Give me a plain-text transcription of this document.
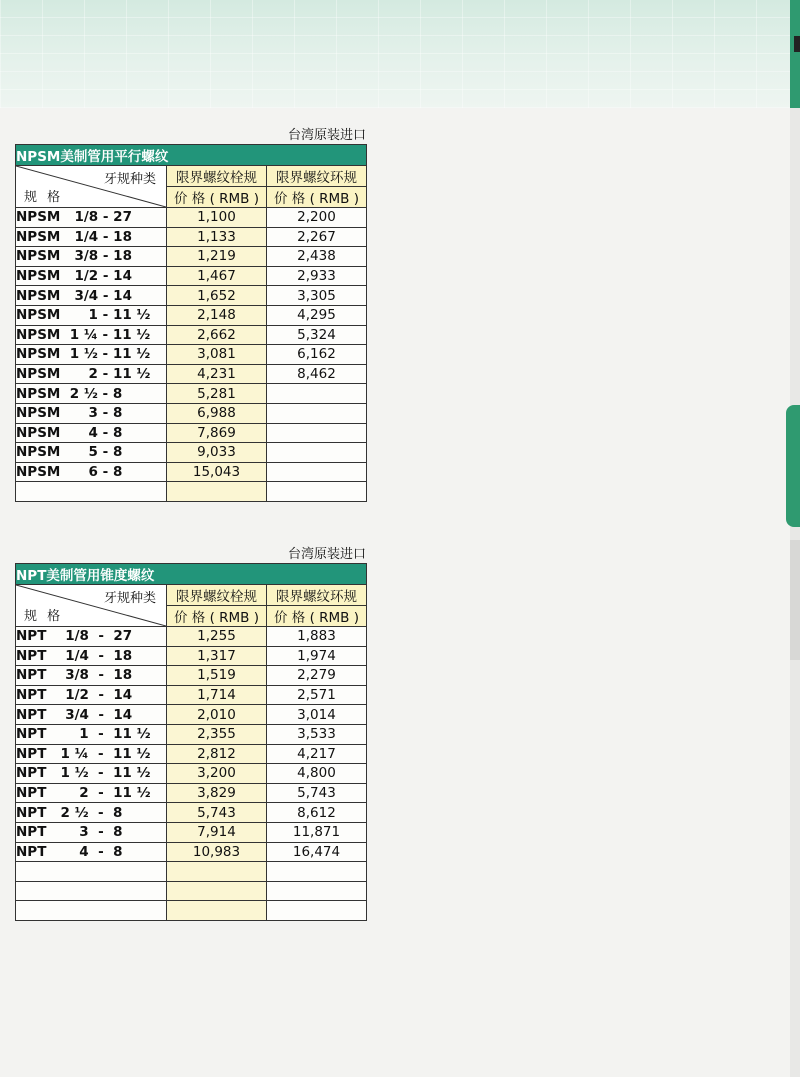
台湾原装进口
NPSM美制管用平行螺纹		

牙规种类
规 格	限界螺纹栓规	限界螺纹环规
	价 格 ( RMB )	价 格 ( RMB )
NPSM   1/8 - 27	1,100	2,200
NPSM   1/4 - 18	1,133	2,267
NPSM   3/8 - 18	1,219	2,438
NPSM   1/2 - 14	1,467	2,933
NPSM   3/4 - 14	1,652	3,305
NPSM      1 - 11 ½	2,148	4,295
NPSM  1 ¼ - 11 ½	2,662	5,324
NPSM  1 ½ - 11 ½	3,081	6,162
NPSM      2 - 11 ½	4,231	8,462
NPSM  2 ½ - 8	5,281	
NPSM      3 - 8	6,988	
NPSM      4 - 8	7,869	
NPSM      5 - 8	9,033	
NPSM      6 - 8	15,043	

台湾原装进口
NPT美制管用锥度螺纹		

牙规种类
规 格	限界螺纹栓规	限界螺纹环规
	价 格 ( RMB )	价 格 ( RMB )
NPT    1/8  -  27	1,255	1,883
NPT    1/4  -  18	1,317	1,974
NPT    3/8  -  18	1,519	2,279
NPT    1/2  -  14	1,714	2,571
NPT    3/4  -  14	2,010	3,014
NPT       1  -  11 ½	2,355	3,533
NPT   1 ¼  -  11 ½	2,812	4,217
NPT   1 ½  -  11 ½	3,200	4,800
NPT       2  -  11 ½	3,829	5,743
NPT   2 ½  -  8	5,743	8,612
NPT       3  -  8	7,914	11,871
NPT       4  -  8	10,983	16,474
